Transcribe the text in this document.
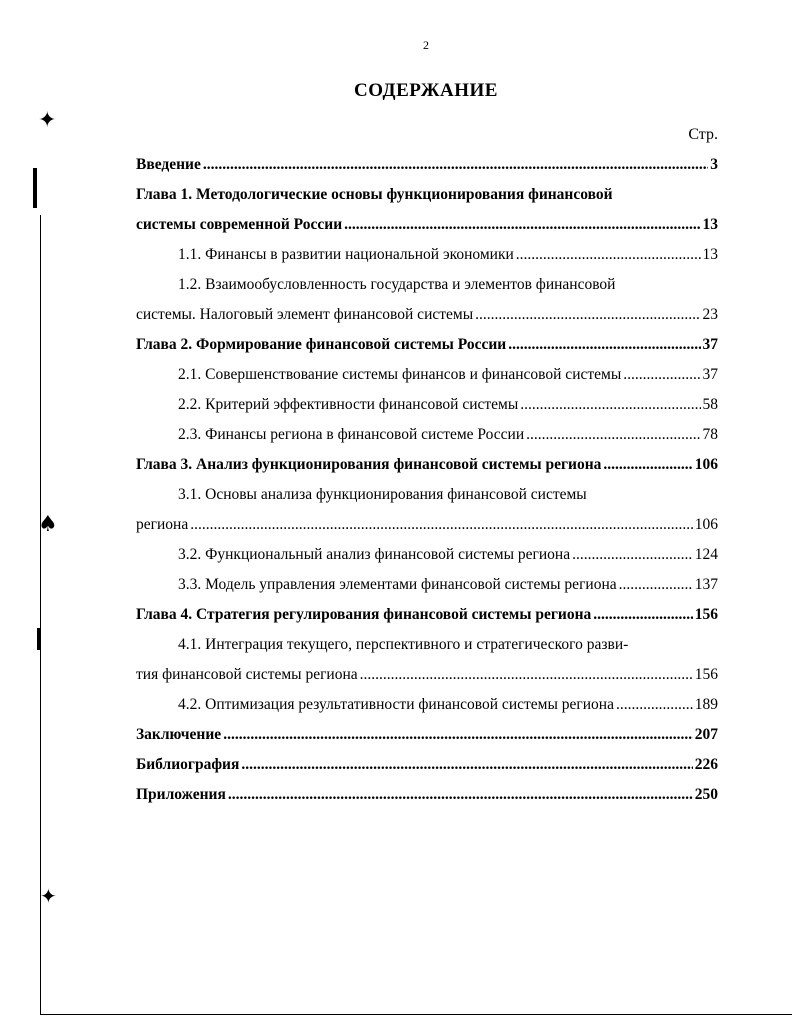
2
СОДЕРЖАНИЕ
Стр.
Введение .....	3
Глава 1. Методологические основы функционирования финансовой
системы современной России .....	13
1.1. Финансы в развитии национальной экономики .....	13
1.2. Взаимообусловленность государства и элементов финансовой
системы. Налоговый элемент финансовой системы .....	23
Глава 2. Формирование финансовой системы России .....	37
2.1. Совершенствование системы финансов и финансовой системы .....	37
2.2. Критерий эффективности финансовой системы .....	58
2.3. Финансы региона в финансовой системе России .....	78
Глава 3. Анализ функционирования финансовой системы региона .....	106
3.1. Основы анализа функционирования финансовой системы
региона .....	106
3.2. Функциональный анализ финансовой системы региона .....	124
3.3. Модель управления элементами финансовой системы региона .....	137
Глава 4. Стратегия регулирования финансовой системы региона .....	156
4.1. Интеграция текущего, перспективного и стратегического разви-
тия финансовой системы региона .....	156
4.2. Оптимизация результативности финансовой системы региона .....	189
Заключение .....	207
Библиография .....	226
Приложения .....	250
✦
♠
✦
